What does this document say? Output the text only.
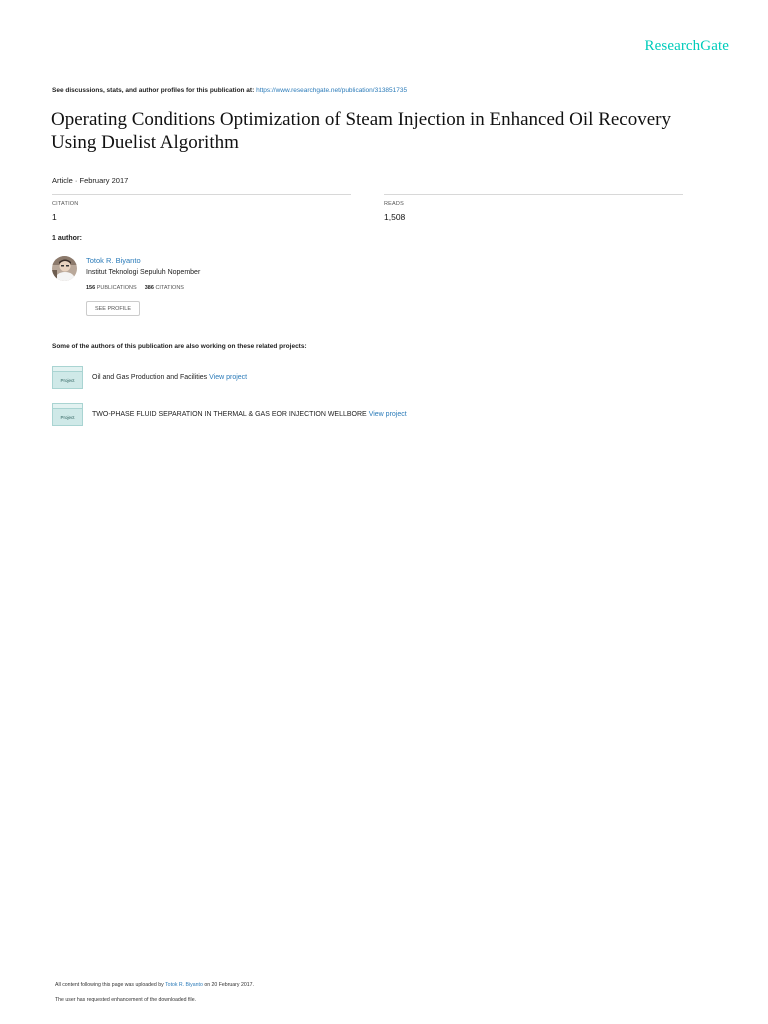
ResearchGate
See discussions, stats, and author profiles for this publication at: https://www.researchgate.net/publication/313851735
Operating Conditions Optimization of Steam Injection in Enhanced Oil Recovery Using Duelist Algorithm
Article · February 2017
CITATION
1
READS
1,508
1 author:
Totok R. Biyanto
Institut Teknologi Sepuluh Nopember
156 PUBLICATIONS 386 CITATIONS
SEE PROFILE
Some of the authors of this publication are also working on these related projects:
Project Oil and Gas Production and Facilities View project
Project TWO-PHASE FLUID SEPARATION IN THERMAL & GAS EOR INJECTION WELLBORE View project
All content following this page was uploaded by Totok R. Biyanto on 20 February 2017.
The user has requested enhancement of the downloaded file.
